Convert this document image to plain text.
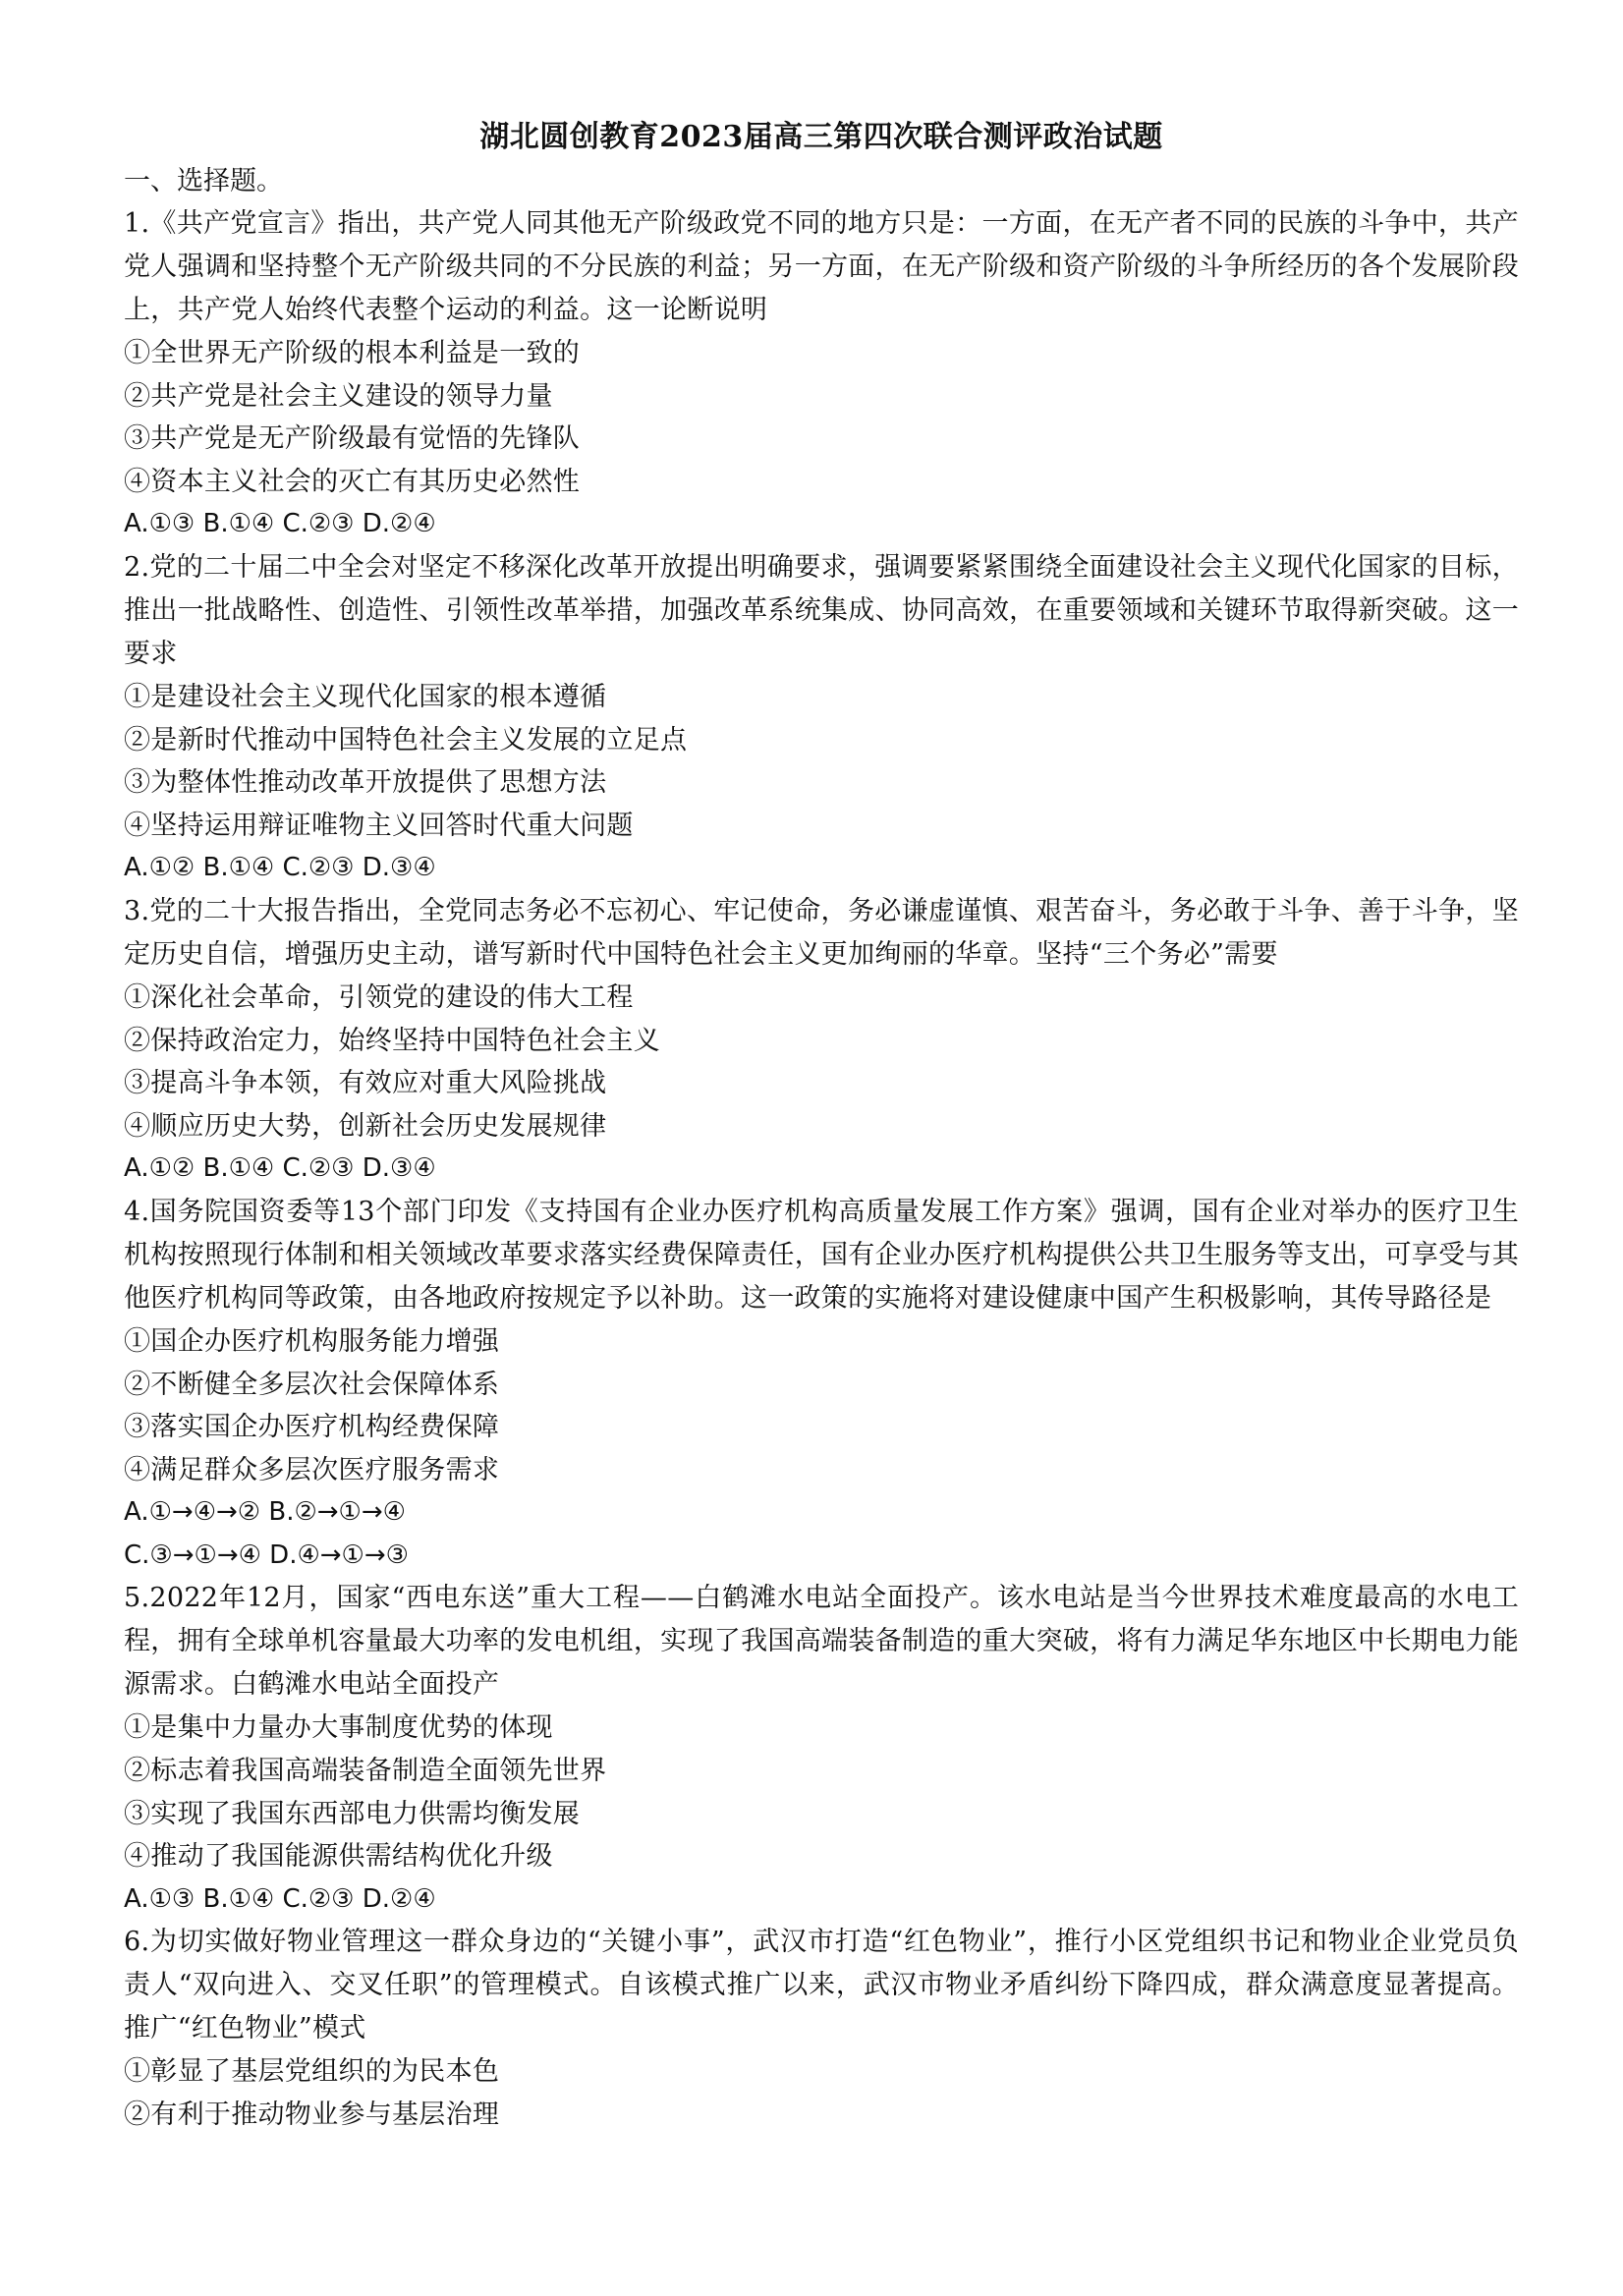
湖北圆创教育2023届高三第四次联合测评政治试题

一、选择题。

1.《共产党宣言》指出，共产党人同其他无产阶级政党不同的地方只是：一方面，在无产者不同的民族的斗争中，共产党人强调和坚持整个无产阶级共同的不分民族的利益；另一方面，在无产阶级和资产阶级的斗争所经历的各个发展阶段上，共产党人始终代表整个运动的利益。这一论断说明

①全世界无产阶级的根本利益是一致的

②共产党是社会主义建设的领导力量

③共产党是无产阶级最有觉悟的先锋队

④资本主义社会的灭亡有其历史必然性

A.①③ B.①④ C.②③ D.②④

2.党的二十届二中全会对坚定不移深化改革开放提出明确要求，强调要紧紧围绕全面建设社会主义现代化国家的目标，推出一批战略性、创造性、引领性改革举措，加强改革系统集成、协同高效，在重要领域和关键环节取得新突破。这一要求

①是建设社会主义现代化国家的根本遵循

②是新时代推动中国特色社会主义发展的立足点

③为整体性推动改革开放提供了思想方法

④坚持运用辩证唯物主义回答时代重大问题

A.①② B.①④ C.②③ D.③④

3.党的二十大报告指出，全党同志务必不忘初心、牢记使命，务必谦虚谨慎、艰苦奋斗，务必敢于斗争、善于斗争，坚定历史自信，增强历史主动，谱写新时代中国特色社会主义更加绚丽的华章。坚持“三个务必”需要

①深化社会革命，引领党的建设的伟大工程

②保持政治定力，始终坚持中国特色社会主义

③提高斗争本领，有效应对重大风险挑战

④顺应历史大势，创新社会历史发展规律

A.①② B.①④ C.②③ D.③④

4.国务院国资委等13个部门印发《支持国有企业办医疗机构高质量发展工作方案》强调，国有企业对举办的医疗卫生机构按照现行体制和相关领域改革要求落实经费保障责任，国有企业办医疗机构提供公共卫生服务等支出，可享受与其他医疗机构同等政策，由各地政府按规定予以补助。这一政策的实施将对建设健康中国产生积极影响，其传导路径是

①国企办医疗机构服务能力增强

②不断健全多层次社会保障体系

③落实国企办医疗机构经费保障

④满足群众多层次医疗服务需求

A.①→④→② B.②→①→④

C.③→①→④ D.④→①→③

5.2022年12月，国家“西电东送”重大工程——白鹤滩水电站全面投产。该水电站是当今世界技术难度最高的水电工程，拥有全球单机容量最大功率的发电机组，实现了我国高端装备制造的重大突破，将有力满足华东地区中长期电力能源需求。白鹤滩水电站全面投产

①是集中力量办大事制度优势的体现

②标志着我国高端装备制造全面领先世界

③实现了我国东西部电力供需均衡发展

④推动了我国能源供需结构优化升级

A.①③ B.①④ C.②③ D.②④

6.为切实做好物业管理这一群众身边的“关键小事”，武汉市打造“红色物业”，推行小区党组织书记和物业企业党员负责人“双向进入、交叉任职”的管理模式。自该模式推广以来，武汉市物业矛盾纠纷下降四成，群众满意度显著提高。推广“红色物业”模式

①彰显了基层党组织的为民本色

②有利于推动物业参与基层治理
